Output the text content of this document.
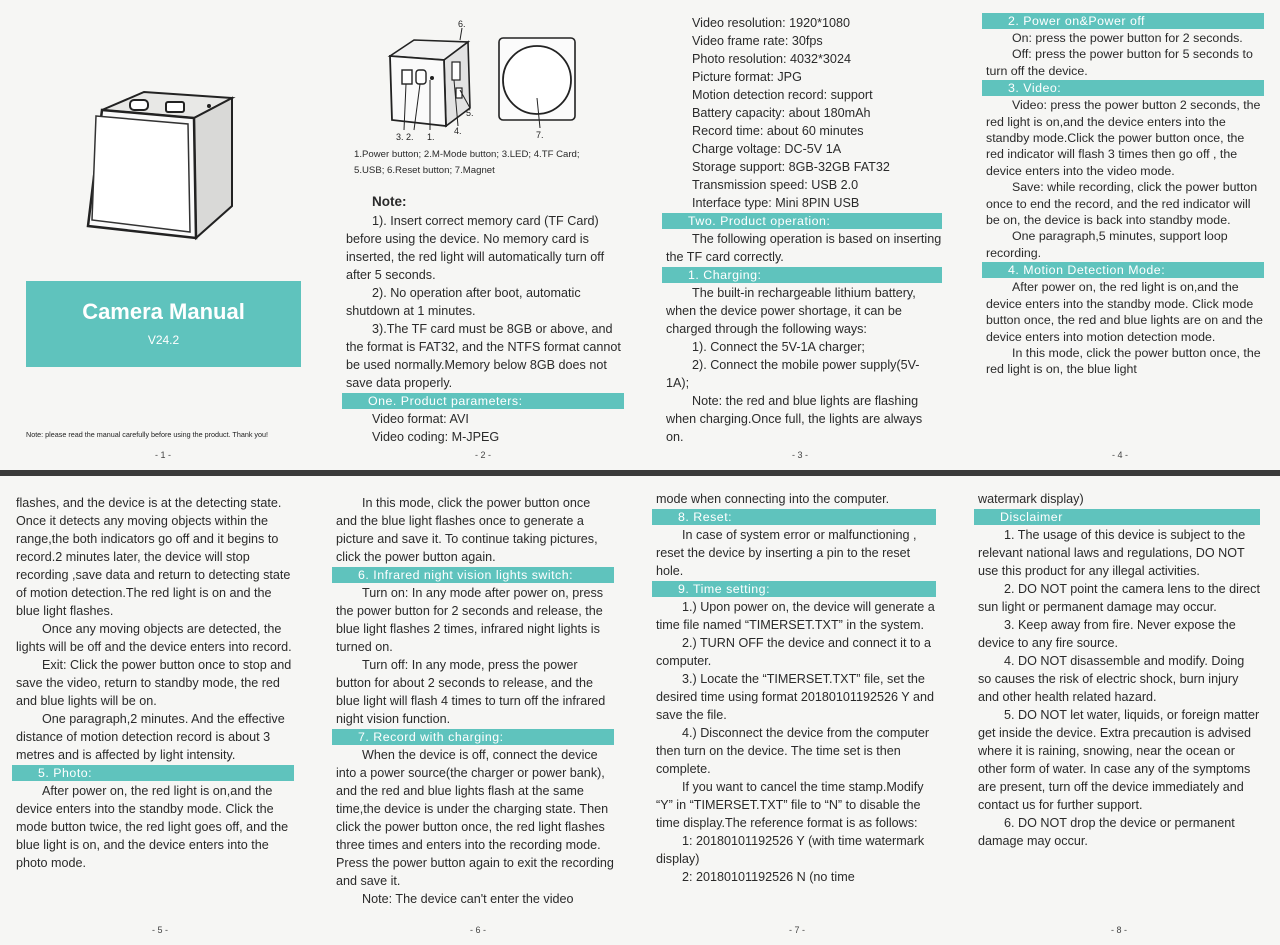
Camera Manual
V24.2
Note: please read the manual carefully before using the product. Thank you!
- 1 -
6.
5.
4.
1.
3. 2.	7.
1.Power button; 2.M-Mode button; 3.LED; 4.TF Card;
5.USB; 6.Reset button; 7.Magnet

Note:

1). Insert correct memory card (TF Card) before using the device. No memory card is inserted, the red light will automatically turn off after 5 seconds.

2). No operation after boot, automatic shutdown at 1 minutes.

3).The TF card must be 8GB or above, and the format is FAT32, and the NTFS format cannot be used normally.Memory below 8GB does not save data properly.

One. Product parameters:

Video format: AVI

Video coding: M-JPEG

- 2 -

Video resolution: 1920*1080

Video frame rate: 30fps

Photo resolution: 4032*3024

Picture format: JPG

Motion detection record: support

Battery capacity: about 180mAh

Record time: about 60 minutes

Charge voltage: DC-5V 1A

Storage support: 8GB-32GB FAT32

Transmission speed: USB 2.0

Interface type: Mini 8PIN USB

Two. Product operation:

The following operation is based on inserting the TF card correctly.

1. Charging:

The built-in rechargeable lithium battery, when the device power shortage, it can be charged through the following ways:

1). Connect the 5V-1A charger;

2). Connect the mobile power supply(5V-1A);

Note: the red and blue lights are flashing when charging.Once full, the lights are always on.

- 3 -
2. Power on&Power off

On: press the power button for 2 seconds.

Off: press the power button for 5 seconds to turn off the device.

3. Video:

Video: press the power button 2 seconds, the red light is on,and the device enters into the standby mode.Click the power button once, the red indicator will flash 3 times then go off , the device enters into the video mode.

Save: while recording, click the power button once to end the record, and the red indicator will be on, the device is back into standby mode.

One paragraph,5 minutes, support loop recording.

4. Motion Detection Mode:

After power on, the red light is on,and the device enters into the standby mode. Click mode button once, the red and blue lights are on and the device enters into motion detection mode.

In this mode, click the power button once, the red light is on, the blue light

- 4 -

flashes, and the device is at the detecting state. Once it detects any moving objects within the range,the both indicators go off and it begins to record.2 minutes later, the device will stop recording ,save data and return to detecting state of motion detection.The red light is on and the blue light flashes.

Once any moving objects are detected, the lights will be off and the device enters into record.

Exit: Click the power button once to stop and save the video, return to standby mode, the red and blue lights will be on.

One paragraph,2 minutes. And the effective distance of motion detection record is about 3 metres and is affected by light intensity.

5. Photo:

After power on, the red light is on,and the device enters into the standby mode. Click the mode button twice, the red light goes off, and the blue light is on, and the device enters into the photo mode.

- 5 -

In this mode, click the power button once and the blue light flashes once to generate a picture and save it. To continue taking pictures, click the power button again.

6. Infrared night vision lights switch:

Turn on: In any mode after power on, press the power button for 2 seconds and release, the blue light flashes 2 times, infrared night lights is turned on.

Turn off: In any mode, press the power button for about 2 seconds to release, and the blue light will flash 4 times to turn off the infrared night vision function.

7. Record with charging:

When the device is off, connect the device into a power source(the charger or power bank), and the red and blue lights flash at the same time,the device is under the charging state. Then click the power button once, the red light flashes three times and enters into the recording mode. Press the power button again to exit the recording and save it.

Note: The device can't enter the video

- 6 -

mode when connecting into the computer.

8. Reset:

In case of system error or malfunctioning , reset the device by inserting a pin to the reset hole.

9. Time setting:

1.) Upon power on, the device will generate a time file named “TIMERSET.TXT” in the system.

2.) TURN OFF the device and connect it to a computer.

3.) Locate the “TIMERSET.TXT” file, set the desired time using format 20180101192526 Y and save the file.

4.) Disconnect the device from the computer then turn on the device. The time set is then complete.

If you want to cancel the time stamp.Modify “Y” in “TIMERSET.TXT” file to “N” to disable the time display.The reference format is as follows:

1: 20180101192526 Y (with time watermark display)

2: 20180101192526 N (no time

- 7 -

watermark display)

Disclaimer

1. The usage of this device is subject to the relevant national laws and regulations, DO NOT use this product for any illegal activities.

2. DO NOT point the camera lens to the direct sun light or permanent damage may occur.

3. Keep away from fire. Never expose the device to any fire source.

4. DO NOT disassemble and modify. Doing so causes the risk of electric shock, burn injury and other health related hazard.

5. DO NOT let water, liquids, or foreign matter get inside the device. Extra precaution is advised where it is raining, snowing, near the ocean or other form of water. In case any of the symptoms are present, turn off the device immediately and contact us for further support.

6. DO NOT drop the device or permanent damage may occur.

- 8 -
